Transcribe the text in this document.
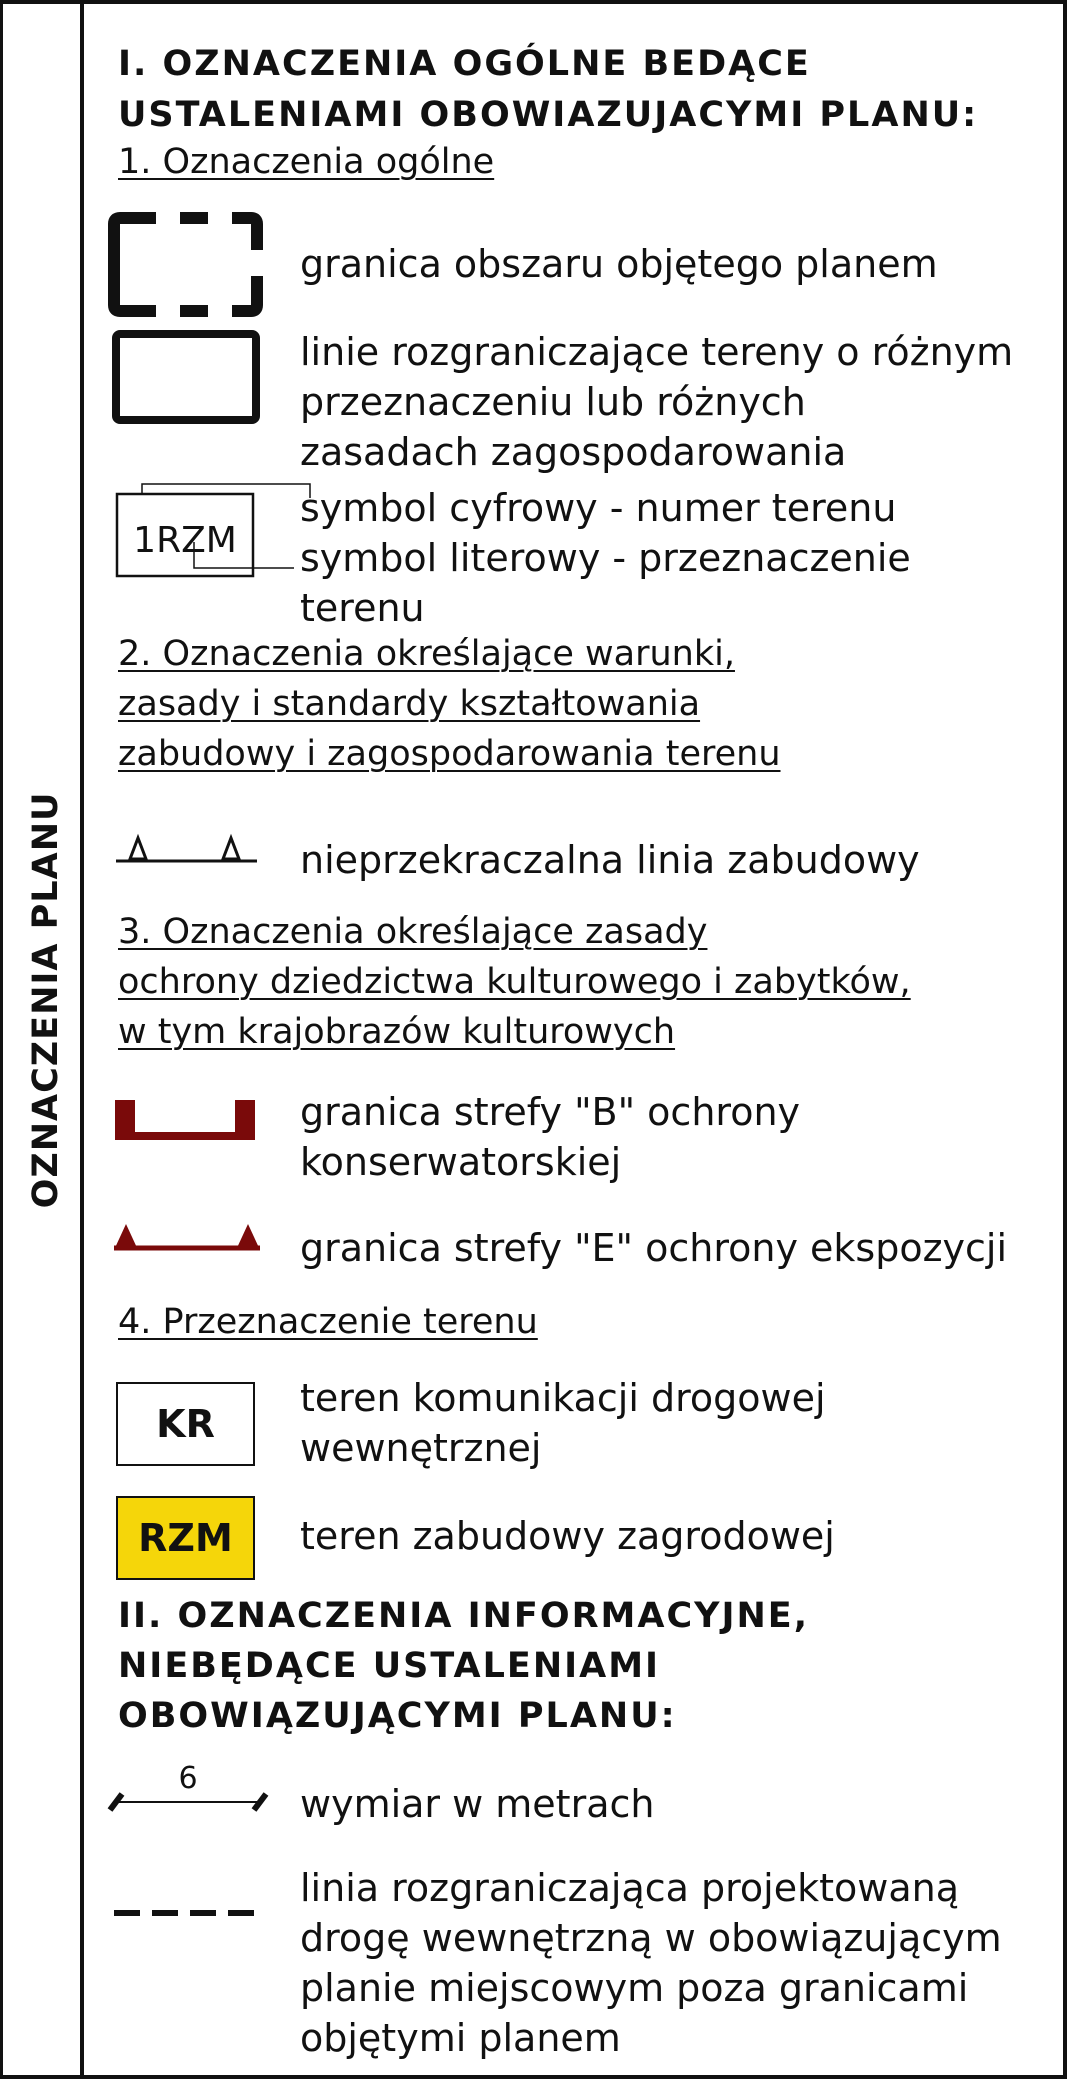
OZNACZENIA PLANU
I. OZNACZENIA OGÓLNE BEDĄCE
USTALENIAMI OBOWIAZUJACYMI PLANU:
1. Oznaczenia ogólne
granica obszaru objętego planem
linie rozgraniczające tereny o różnym
przeznaczeniu lub różnych
zasadach zagospodarowania
1RZM
symbol cyfrowy - numer terenu
symbol literowy - przeznaczenie
terenu
2. Oznaczenia określające warunki,
zasady i standardy kształtowania
zabudowy i zagospodarowania terenu
nieprzekraczalna linia zabudowy
3. Oznaczenia określające zasady
ochrony dziedzictwa kulturowego i zabytków,
w tym krajobrazów kulturowych
granica strefy "B" ochrony
konserwatorskiej
granica strefy "E" ochrony ekspozycji
4. Przeznaczenie terenu
KR
teren komunikacji drogowej
wewnętrznej
RZM	teren zabudowy zagrodowej
II. OZNACZENIA INFORMACYJNE,
NIEBĘDĄCE USTALENIAMI
OBOWIĄZUJĄCYMI PLANU:
6
wymiar w metrach
linia rozgraniczająca projektowaną
drogę wewnętrzną w obowiązującym
planie miejscowym poza granicami
objętymi planem
